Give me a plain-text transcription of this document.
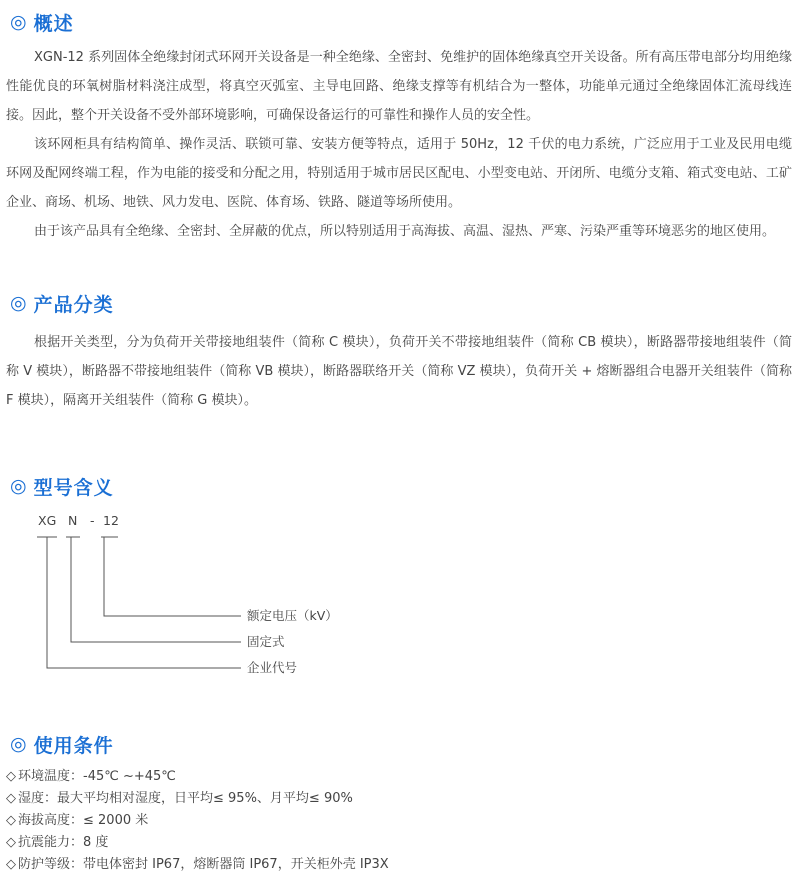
◎ 概述

XGN-12 系列固体全绝缘封闭式环网开关设备是一种全绝缘、全密封、免维护的固体绝缘真空开关设备。所有高压带电部分均用绝缘性能优良的环氧树脂材料浇注成型，将真空灭弧室、主导电回路、绝缘支撑等有机结合为一整体，功能单元通过全绝缘固体汇流母线连接。因此，整个开关设备不受外部环境影响，可确保设备运行的可靠性和操作人员的安全性。

该环网柜具有结构简单、操作灵活、联锁可靠、安装方便等特点，适用于 50Hz，12 千伏的电力系统，广泛应用于工业及民用电缆环网及配网终端工程，作为电能的接受和分配之用，特别适用于城市居民区配电、小型变电站、开闭所、电缆分支箱、箱式变电站、工矿企业、商场、机场、地铁、风力发电、医院、体育场、铁路、隧道等场所使用。

由于该产品具有全绝缘、全密封、全屏蔽的优点，所以特别适用于高海拔、高温、湿热、严寒、污染严重等环境恶劣的地区使用。

◎ 产品分类

根据开关类型，分为负荷开关带接地组装件（简称 C 模块），负荷开关不带接地组装件（简称 CB 模块），断路器带接地组装件（简称 V 模块），断路器不带接地组装件（简称 VB 模块），断路器联络开关（简称 VZ 模块），负荷开关 + 熔断器组合电器开关组装件（简称 F 模块），隔离开关组装件（简称 G 模块）。

◎ 型号含义
XG N - 12
额定电压（kV）
固定式
企业代号
◎ 使用条件
◇ 环境温度：-45℃ ~+45℃
◇ 湿度：最大平均相对湿度，日平均≤ 95%、月平均≤ 90%
◇ 海拔高度：≤ 2000 米
◇ 抗震能力：8 度
◇ 防护等级：带电体密封 IP67，熔断器筒 IP67，开关柜外壳 IP3X
